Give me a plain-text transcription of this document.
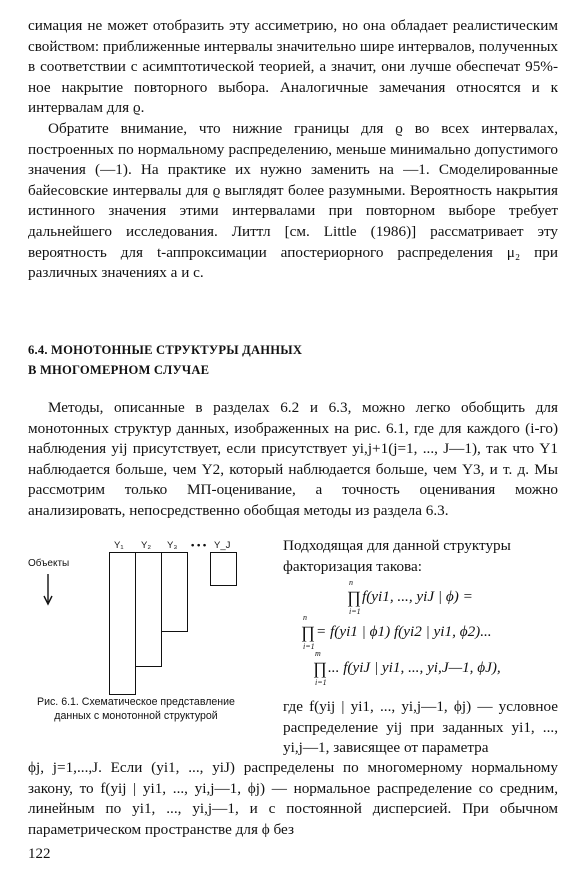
симация не может отобразить эту ассиметрию, но она обладает реалистическим свойством: приближенные интервалы значительно шире интервалов, полученных в соответствии с асимптотической теорией, а значит, они лучше обеспечат 95%-ное накрытие повторного выбора. Аналогичные замечания относятся и к интервалам для ϱ.

Обратите внимание, что нижние границы для ϱ во всех интервалах, построенных по нормальному распределению, меньше минимально допустимого значения (—1). На практике их нужно заменить на —1. Смоделированные байесовские интервалы для ϱ выглядят более разумными. Вероятность накрытия истинного значения этими интервалами при повторном выборе требует дальнейшего исследования. Литтл [см. Little (1986)] рассматривает эту вероятность для t-аппроксимации апостериорного распределения μ₂ при различных значениях a и c.

6.4. МОНОТОННЫЕ СТРУКТУРЫ ДАННЫХ
В МНОГОМЕРНОМ СЛУЧАЕ

Методы, описанные в разделах 6.2 и 6.3, можно легко обобщить для монотонных структур данных, изображенных на рис. 6.1, где для каждого (i-го) наблюдения yij присутствует, если присутствует yi,j+1(j=1, ..., J—1), так что Y1 наблюдается больше, чем Y2, который наблюдается больше, чем Y3, и т. д. Мы рассмотрим только МП-оценивание, а точность оценивания можно анализировать, непосредственно обобщая методы из раздела 6.3.

Объекты
Y₁ Y₂ Y₃ • • • Y_J
Рис. 6.1. Схематическое представление данных с монотонной структурой
Подходящая для данной структуры факторизация такова:
∏
n
i=1
f(yi1, ..., yiJ | ϕ) =
∏
n
i=1
= f(yi1 | ϕ1) f(yi2 | yi1, ϕ2)...
∏
m
i=1
... f(yiJ | yi1, ..., yi,J—1, ϕJ),
где f(yij | yi1, ..., yi,j—1, ϕj) — условное распределение yij при заданных yi1, ..., yi,j—1, зависящее от параметра
ϕj, j=1,...,J. Если (yi1, ..., yiJ) распределены по многомерному нормальному закону, то f(yij | yi1, ..., yi,j—1, ϕj) — нормальное распределение со средним, линейным по yi1, ..., yi,j—1, и с постоянной дисперсией. При обычном параметрическом пространстве для ϕ без
122
